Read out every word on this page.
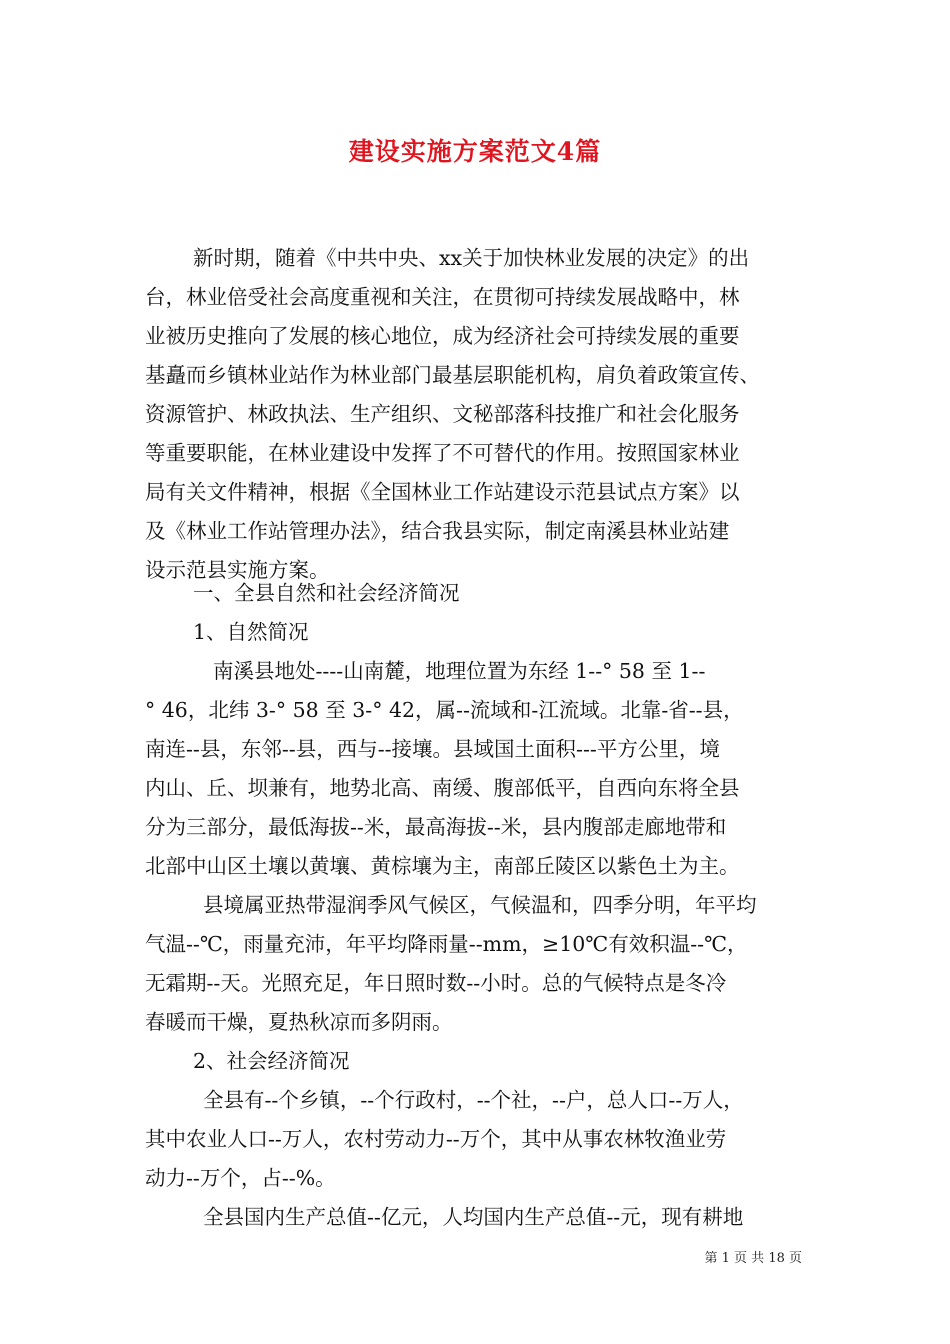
建设实施方案范文4篇
新时期，随着《中共中央、xx关于加快林业发展的决定》的出
台，林业倍受社会高度重视和关注，在贯彻可持续发展战略中，林
业被历史推向了发展的核心地位，成为经济社会可持续发展的重要
基矗而乡镇林业站作为林业部门最基层职能机构，肩负着政策宣传、
资源管护、林政执法、生产组织、文秘部落科技推广和社会化服务
等重要职能，在林业建设中发挥了不可替代的作用。按照国家林业
局有关文件精神，根据《全国林业工作站建设示范县试点方案》以
及《林业工作站管理办法》，结合我县实际，制定南溪县林业站建
设示范县实施方案。
一、全县自然和社会经济简况
1、自然简况
南溪县地处----山南麓，地理位置为东经 1--° 58 至 1--
° 46，北纬 3-° 58 至 3-° 42，属--流域和-江流域。北靠-省--县，
南连--县，东邻--县，西与--接壤。县域国土面积---平方公里，境
内山、丘、坝兼有，地势北高、南缓、腹部低平，自西向东将全县
分为三部分，最低海拔--米，最高海拔--米，县内腹部走廊地带和
北部中山区土壤以黄壤、黄棕壤为主，南部丘陵区以紫色土为主。
县境属亚热带湿润季风气候区，气候温和，四季分明，年平均
气温--℃，雨量充沛，年平均降雨量--mm，≥10℃有效积温--℃，
无霜期--天。光照充足，年日照时数--小时。总的气候特点是冬冷
春暖而干燥，夏热秋凉而多阴雨。
2、社会经济简况
全县有--个乡镇，--个行政村，--个社，--户，总人口--万人，
其中农业人口--万人，农村劳动力--万个，其中从事农林牧渔业劳
动力--万个，占--%。
全县国内生产总值--亿元，人均国内生产总值--元，现有耕地
第 1 页 共 18 页
